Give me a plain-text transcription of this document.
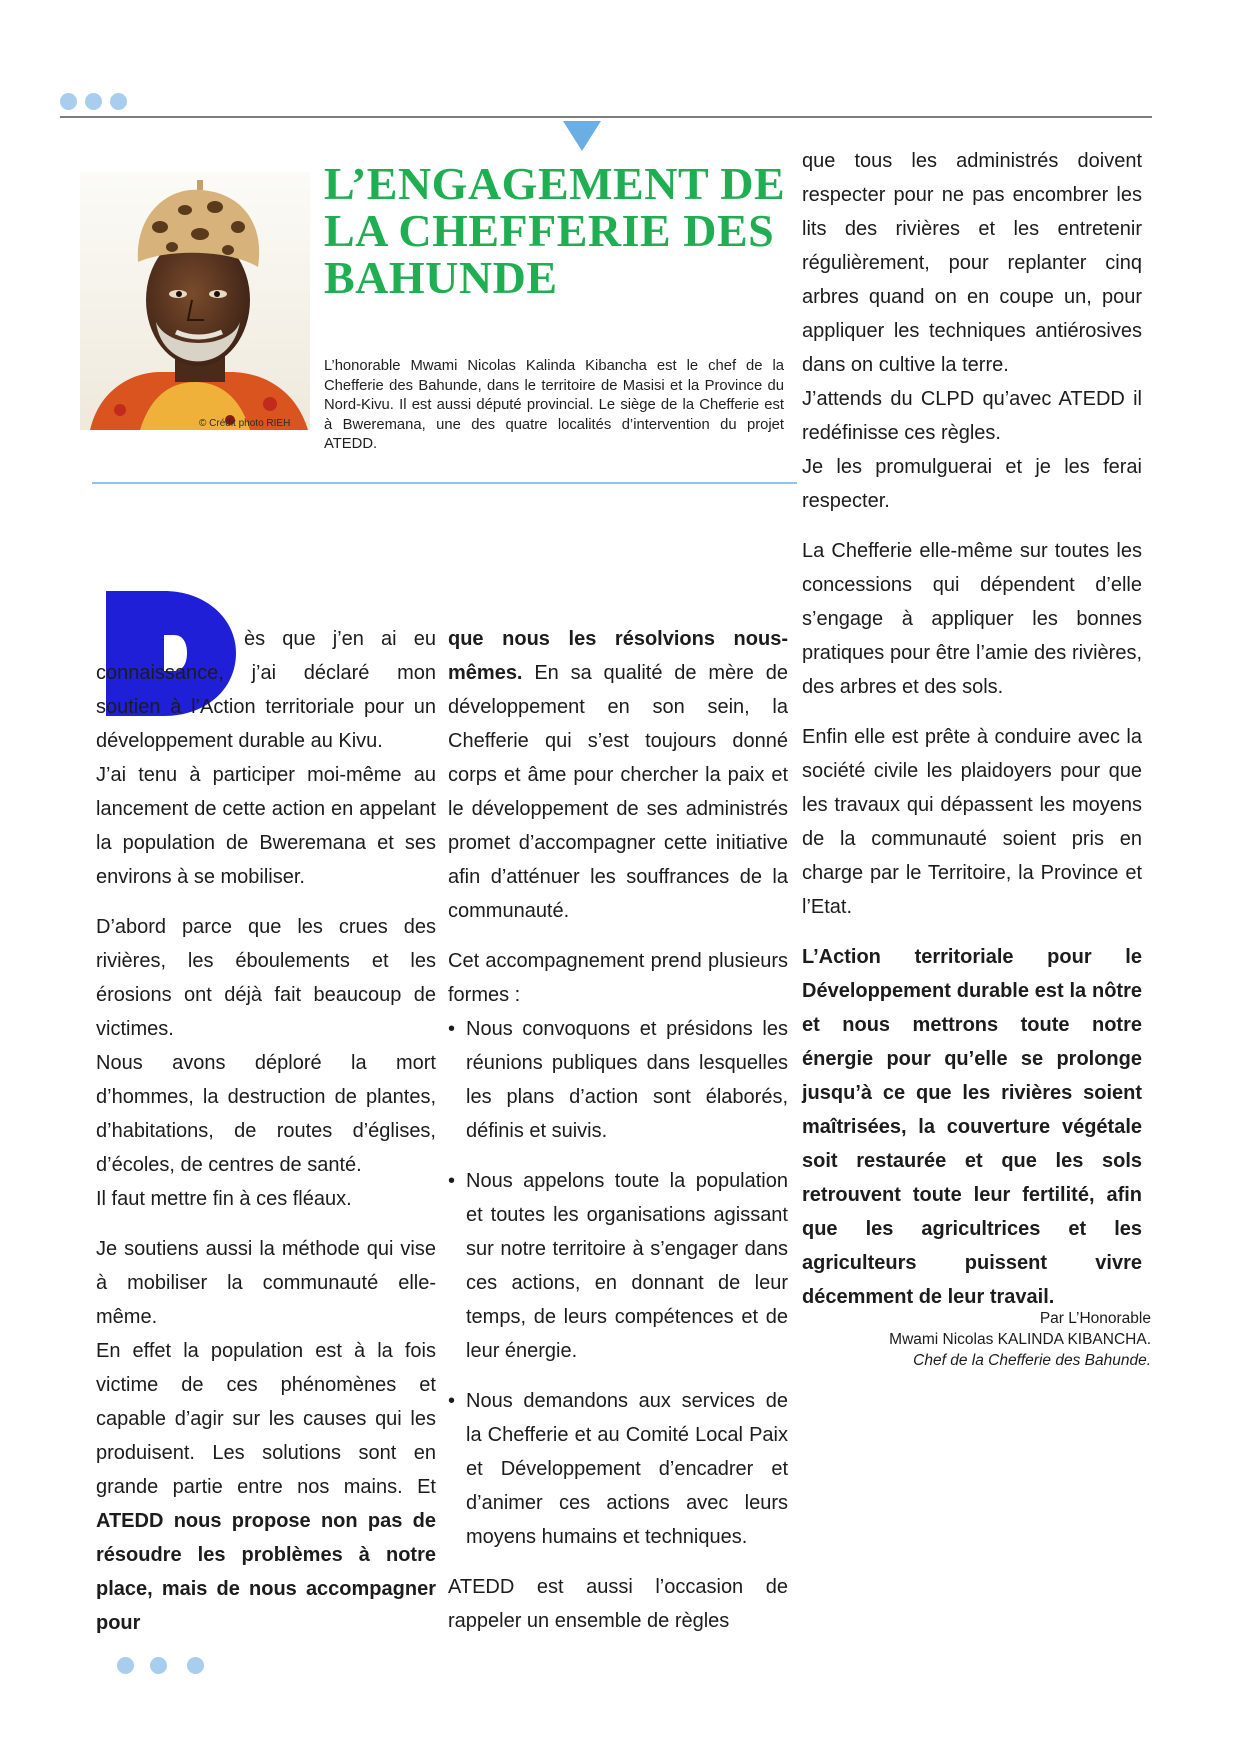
© Crédit photo RIEH
L’ENGAGEMENT DE
LA CHEFFERIE DES
BAHUNDE

L’honorable Mwami Nicolas Kalinda Kibancha est le chef de la Chefferie des Bahunde, dans le territoire de Masisi et la Province du Nord-Kivu. Il est aussi député provincial. Le siège de la Chefferie est à Bweremana, une des quatre localités d’intervention du projet ATEDD.

ès que j’en ai eu connaissance, j’ai déclaré mon soutien à l’Action territoriale pour un développement durable au Kivu.

J’ai tenu à participer moi-même au lancement de cette action en appelant la population de Bweremana et ses environs à se mobiliser.

D’abord parce que les crues des rivières, les éboulements et les érosions ont déjà fait beaucoup de victimes.

Nous avons déploré la mort d’hommes, la destruction de plantes, d’habitations, de routes d’églises, d’écoles, de centres de santé.

Il faut mettre fin à ces fléaux.

Je soutiens aussi la méthode qui vise à mobiliser la communauté elle-même.

En effet la population est à la fois victime de ces phénomènes et capable d’agir sur les causes qui les produisent. Les solutions sont en grande partie entre nos mains. Et ATEDD nous propose non pas de résoudre les problèmes à notre place, mais de nous accompagner pour

que nous les résolvions nous-mêmes. En sa qualité de mère de développement en son sein, la Chefferie qui s’est toujours donné corps et âme pour chercher la paix et le développement de ses administrés promet d’accompagner cette initiative afin d’atténuer les souffrances de la communauté.

Cet accompagnement prend plusieurs formes :

• Nous convoquons et présidons les réunions publiques dans lesquelles les plans d’action sont élaborés, définis et suivis.
• Nous appelons toute la population et toutes les organisations agissant sur notre territoire à s’engager dans ces actions, en donnant de leur temps, de leurs compétences et de leur énergie.
• Nous demandons aux services de la Chefferie et au Comité Local Paix et Développement d’encadrer et d’animer ces actions avec leurs moyens humains et techniques.

ATEDD est aussi l’occasion de rappeler un ensemble de règles

que tous les administrés doivent respecter pour ne pas encombrer les lits des rivières et les entretenir régulièrement, pour replanter cinq arbres quand on en coupe un, pour appliquer les techniques antiérosives dans on cultive la terre.

J’attends du CLPD qu’avec ATEDD il redéfinisse ces règles.

Je les promulguerai et je les ferai respecter.

La Chefferie elle-même sur toutes les concessions qui dépendent d’elle s’engage à appliquer les bonnes pratiques pour être l’amie des rivières, des arbres et des sols.

Enfin elle est prête à conduire avec la société civile les plaidoyers pour que les travaux qui dépassent les moyens de la communauté soient pris en charge par le Territoire, la Province et l’Etat.

L’Action territoriale pour le Développement durable est la nôtre et nous mettrons toute notre énergie pour qu’elle se prolonge jusqu’à ce que les rivières soient maîtrisées, la couverture végétale soit restaurée et que les sols retrouvent toute leur fertilité, afin que les agricultrices et les agriculteurs puissent vivre décemment de leur travail.

Par L’Honorable
Mwami Nicolas KALINDA KIBANCHA.
Chef de la Chefferie des Bahunde.
